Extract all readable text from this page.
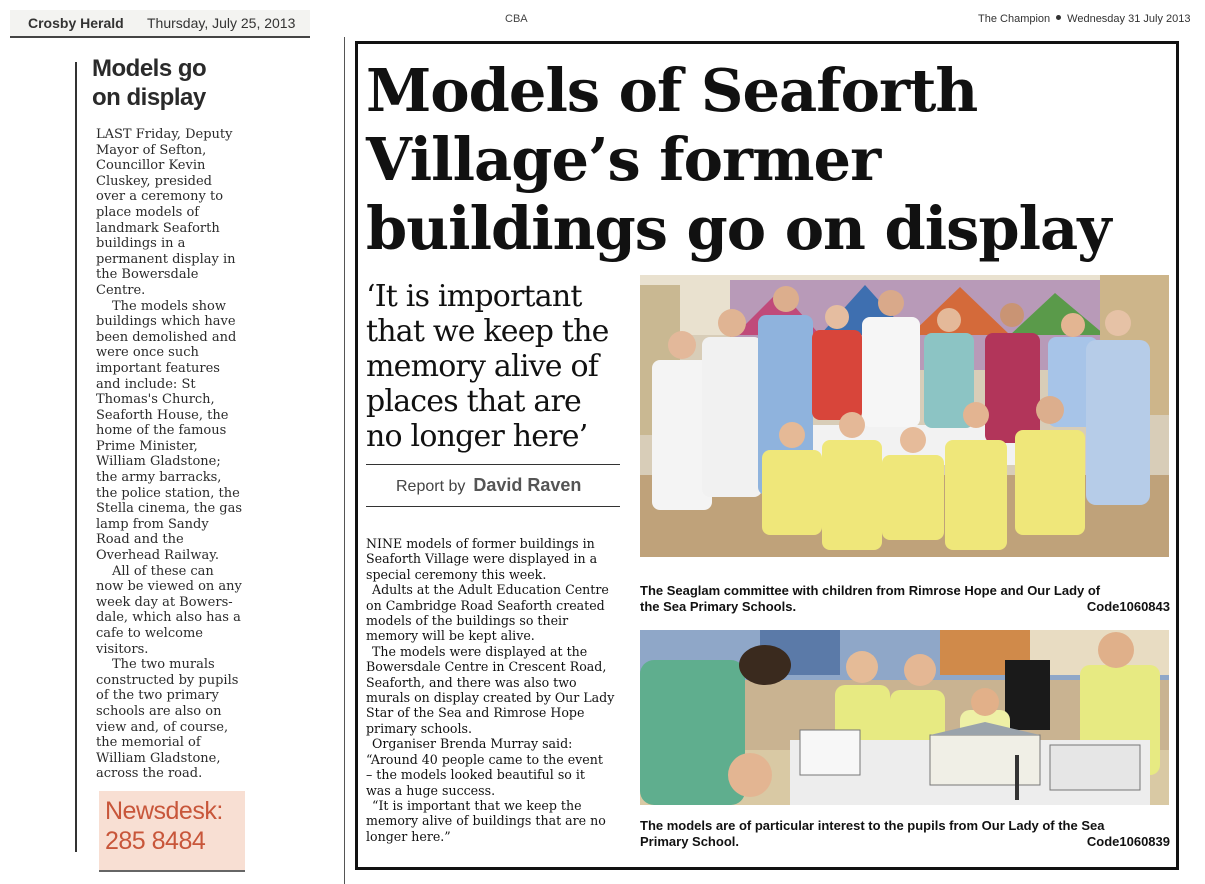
Crosby Herald Thursday, July 25, 2013
Models go
on display
LAST Friday, Deputy
Mayor of Sefton,
Councillor Kevin
Cluskey, presided
over a ceremony to
place models of
landmark Seaforth
buildings in a
permanent display in
the Bowersdale
Centre.
The models show
buildings which have
been demolished and
were once such
important features
and include: St
Thomas's Church,
Seaforth House, the
home of the famous
Prime Minister,
William Gladstone;
the army barracks,
the police station, the
Stella cinema, the gas
lamp from Sandy
Road and the
Overhead Railway.
All of these can
now be viewed on any
week day at Bowers-
dale, which also has a
cafe to welcome
visitors.
The two murals
constructed by pupils
of the two primary
schools are also on
view and, of course,
the memorial of
William Gladstone,
across the road.
Newsdesk:
285 8484
CBA	The Champion Wednesday 31 July 2013
Models of Seaforth
Village’s former
buildings go on display
‘It is important
that we keep the
memory alive of
places that are
no longer here’
Report by David Raven
NINE models of former buildings in
Seaforth Village were displayed in a
special ceremony this week.
Adults at the Adult Education Centre
on Cambridge Road Seaforth created
models of the buildings so their
memory will be kept alive.
The models were displayed at the
Bowersdale Centre in Crescent Road,
Seaforth, and there was also two
murals on display created by Our Lady
Star of the Sea and Rimrose Hope
primary schools.
Organiser Brenda Murray said:
“Around 40 people came to the event
– the models looked beautiful so it
was a huge success.
“It is important that we keep the
memory alive of buildings that are no
longer here.”
The Seaglam committee with children from Rimrose Hope and Our Lady of
the Sea Primary Schools.	Code1060843
The models are of particular interest to the pupils from Our Lady of the Sea
Primary School.	Code1060839
